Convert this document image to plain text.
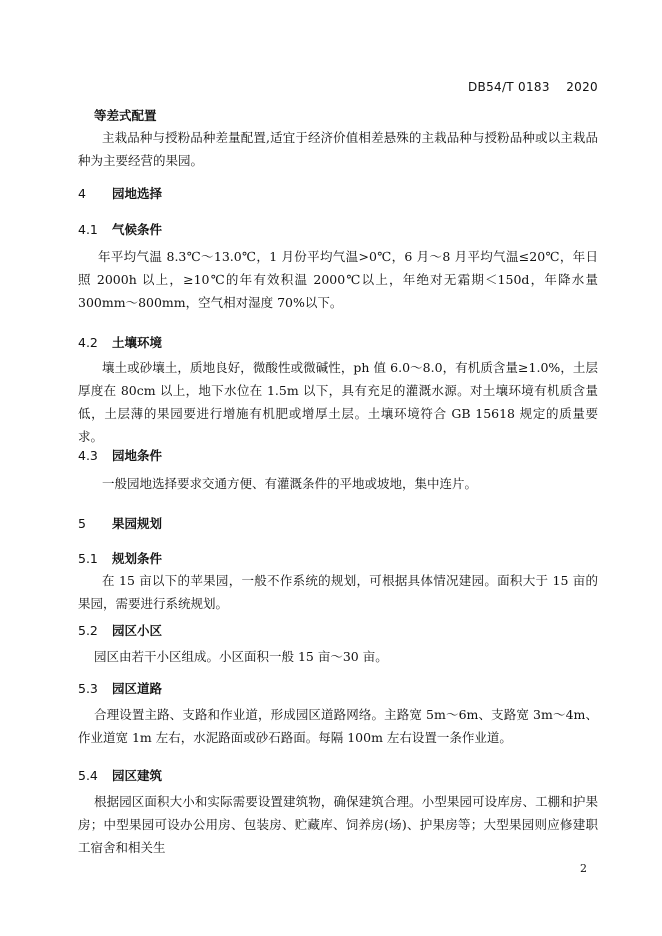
DB54/T 0183 2020
等差式配置
主栽品种与授粉品种差量配置,适宜于经济价值相差悬殊的主栽品种与授粉品种或以主栽品种为主要经营的果园。
4 园地选择
4.1 气候条件
年平均气温 8.3℃～13.0℃，1 月份平均气温>0℃，6 月～8 月平均气温≤20℃，年日照 2000h 以上，≥10℃的年有效积温 2000℃以上，年绝对无霜期＜150d，年降水量 300mm～800mm，空气相对湿度 70%以下。
4.2 土壤环境
壤土或砂壤土，质地良好，微酸性或微碱性，ph 值 6.0～8.0，有机质含量≥1.0%，土层厚度在 80cm 以上，地下水位在 1.5m 以下，具有充足的灌溉水源。对土壤环境有机质含量低，土层薄的果园要进行增施有机肥或增厚土层。土壤环境符合 GB 15618 规定的质量要求。
4.3 园地条件
一般园地选择要求交通方便、有灌溉条件的平地或坡地，集中连片。
5 果园规划
5.1 规划条件
在 15 亩以下的苹果园，一般不作系统的规划，可根据具体情况建园。面积大于 15 亩的果园，需要进行系统规划。
5.2 园区小区
园区由若干小区组成。小区面积一般 15 亩～30 亩。
5.3 园区道路
合理设置主路、支路和作业道，形成园区道路网络。主路宽 5m～6m、支路宽 3m～4m、作业道宽 1m 左右，水泥路面或砂石路面。每隔 100m 左右设置一条作业道。
5.4 园区建筑
根据园区面积大小和实际需要设置建筑物，确保建筑合理。小型果园可设库房、工棚和护果房；中型果园可设办公用房、包装房、贮藏库、饲养房(场)、护果房等；大型果园则应修建职工宿舍和相关生
2
